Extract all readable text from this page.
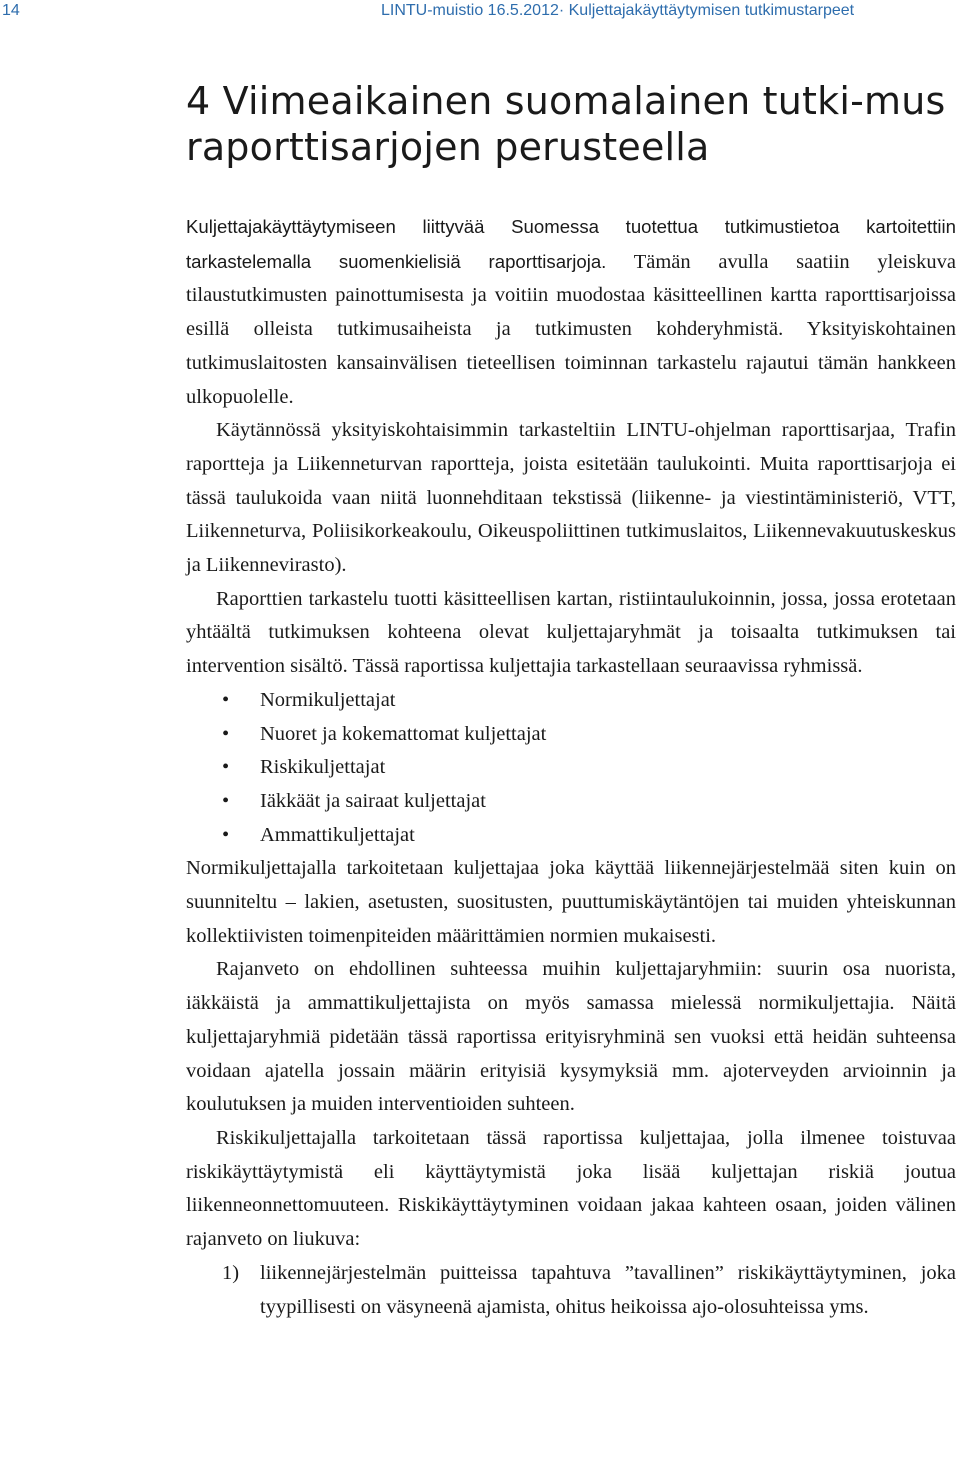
14	LINTU-muistio 16.5.2012· Kuljettajakäyttäytymisen tutkimustarpeet
4 Viimeaikainen suomalainen tutki-mus raporttisarjojen perusteella

Kuljettajakäyttäytymiseen liittyvää Suomessa tuotettua tutkimustietoa kartoitettiin tarkastelemalla suomenkielisiä raporttisarjoja. Tämän avulla saatiin yleiskuva tilaustutkimusten painottumisesta ja voitiin muodostaa käsitteellinen kartta raporttisarjoissa esillä olleista tutkimusaiheista ja tutkimusten kohderyhmistä. Yksityiskohtainen tutkimuslaitosten kansainvälisen tieteellisen toiminnan tarkastelu rajautui tämän hankkeen ulkopuolelle.

Käytännössä yksityiskohtaisimmin tarkasteltiin LINTU-ohjelman raporttisarjaa, Trafin raportteja ja Liikenneturvan raportteja, joista esitetään taulukointi. Muita raporttisarjoja ei tässä taulukoida vaan niitä luonnehditaan tekstissä (liikenne- ja viestintäministeriö, VTT, Liikenneturva, Poliisikorkeakoulu, Oikeuspoliittinen tutkimuslaitos, Liikennevakuutuskeskus ja Liikennevirasto).

Raporttien tarkastelu tuotti käsitteellisen kartan, ristiintaulukoinnin, jossa, jossa erotetaan yhtäältä tutkimuksen kohteena olevat kuljettajaryhmät ja toisaalta tutkimuksen tai intervention sisältö. Tässä raportissa kuljettajia tarkastellaan seuraavissa ryhmissä.

• Normikuljettajat
• Nuoret ja kokemattomat kuljettajat
• Riskikuljettajat
• Iäkkäät ja sairaat kuljettajat
• Ammattikuljettajat

Normikuljettajalla tarkoitetaan kuljettajaa joka käyttää liikennejärjestelmää siten kuin on suunniteltu – lakien, asetusten, suositusten, puuttumiskäytäntöjen tai muiden yhteiskunnan kollektiivisten toimenpiteiden määrittämien normien mukaisesti.

Rajanveto on ehdollinen suhteessa muihin kuljettajaryhmiin: suurin osa nuorista, iäkkäistä ja ammattikuljettajista on myös samassa mielessä normikuljettajia. Näitä kuljettajaryhmiä pidetään tässä raportissa erityisryhminä sen vuoksi että heidän suhteensa voidaan ajatella jossain määrin erityisiä kysymyksiä mm. ajoterveyden arvioinnin ja koulutuksen ja muiden interventioiden suhteen.

Riskikuljettajalla tarkoitetaan tässä raportissa kuljettajaa, jolla ilmenee toistuvaa riskikäyttäytymistä eli käyttäytymistä joka lisää kuljettajan riskiä joutua liikenneonnettomuuteen. Riskikäyttäytyminen voidaan jakaa kahteen osaan, joiden välinen rajanveto on liukuva:

1) liikennejärjestelmän puitteissa tapahtuva ”tavallinen” riskikäyttäytyminen, joka tyypillisesti on väsyneenä ajamista, ohitus heikoissa ajo-olosuhteissa yms.
